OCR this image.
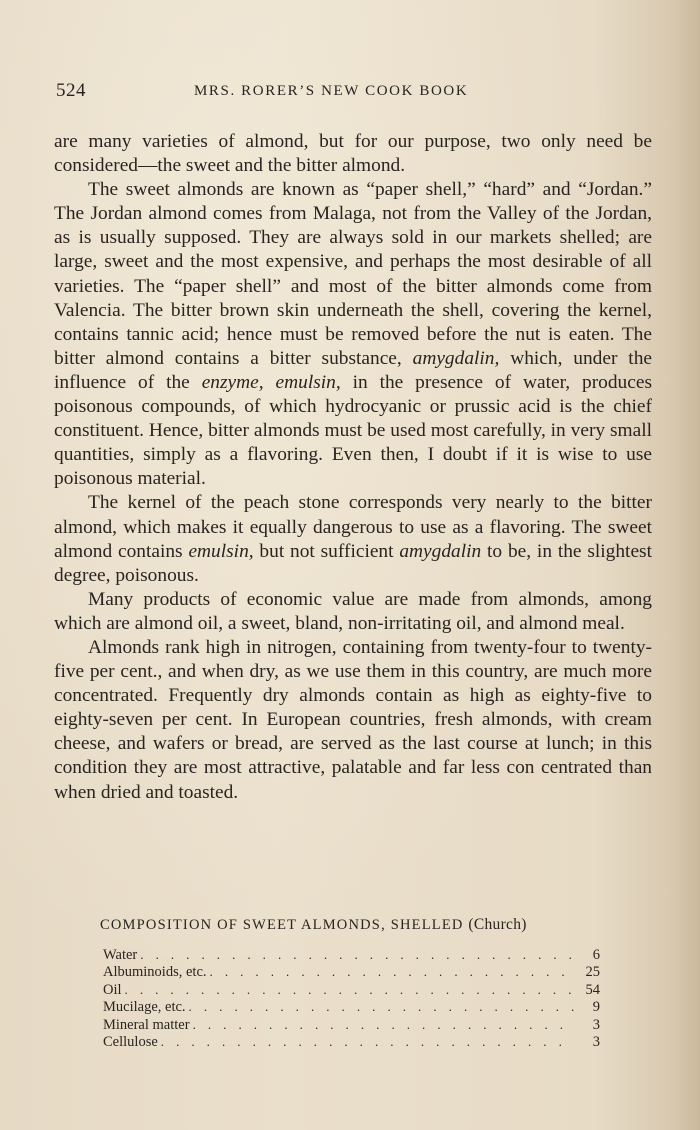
524	MRS. RORER’S NEW COOK BOOK

are many varieties of almond, but for our purpose, two only need be considered—the sweet and the bitter almond.

The sweet almonds are known as “paper shell,” “hard” and “Jordan.” The Jordan almond comes from Malaga, not from the Valley of the Jordan, as is usually supposed. They are always sold in our markets shelled; are large, sweet and the most expensive, and perhaps the most desirable of all varieties. The “paper shell” and most of the bitter almonds come from Valencia. The bitter brown skin underneath the shell, covering the kernel, contains tannic acid; hence must be removed before the nut is eaten. The bitter almond contains a bitter substance, amygdalin, which, under the influence of the enzyme, emulsin, in the presence of water, produces poisonous compounds, of which hydrocyanic or prussic acid is the chief constituent. Hence, bitter almonds must be used most carefully, in very small quantities, simply as a flavoring. Even then, I doubt if it is wise to use poisonous material.

The kernel of the peach stone corresponds very nearly to the bitter almond, which makes it equally dangerous to use as a flavoring. The sweet almond contains emulsin, but not sufficient amygdalin to be, in the slightest degree, poisonous.

Many products of economic value are made from almonds, among which are almond oil, a sweet, bland, non-irritating oil, and almond meal.

Almonds rank high in nitrogen, containing from twenty-four to twenty-five per cent., and when dry, as we use them in this country, are much more concentrated. Frequently dry almonds contain as high as eighty-five to eighty-seven per cent. In European countries, fresh almonds, with cream cheese, and wafers or bread, are served as the last course at lunch; in this condition they are most attractive, palatable and far less con centrated than when dried and toasted.

COMPOSITION OF SWEET ALMONDS, SHELLED (Church)
Water . . .	6
Albuminoids, etc. . . .	25
Oil . . .	54
Mucilage, etc. . . .	9
Mineral matter . . .	3
Cellulose . . .	3
